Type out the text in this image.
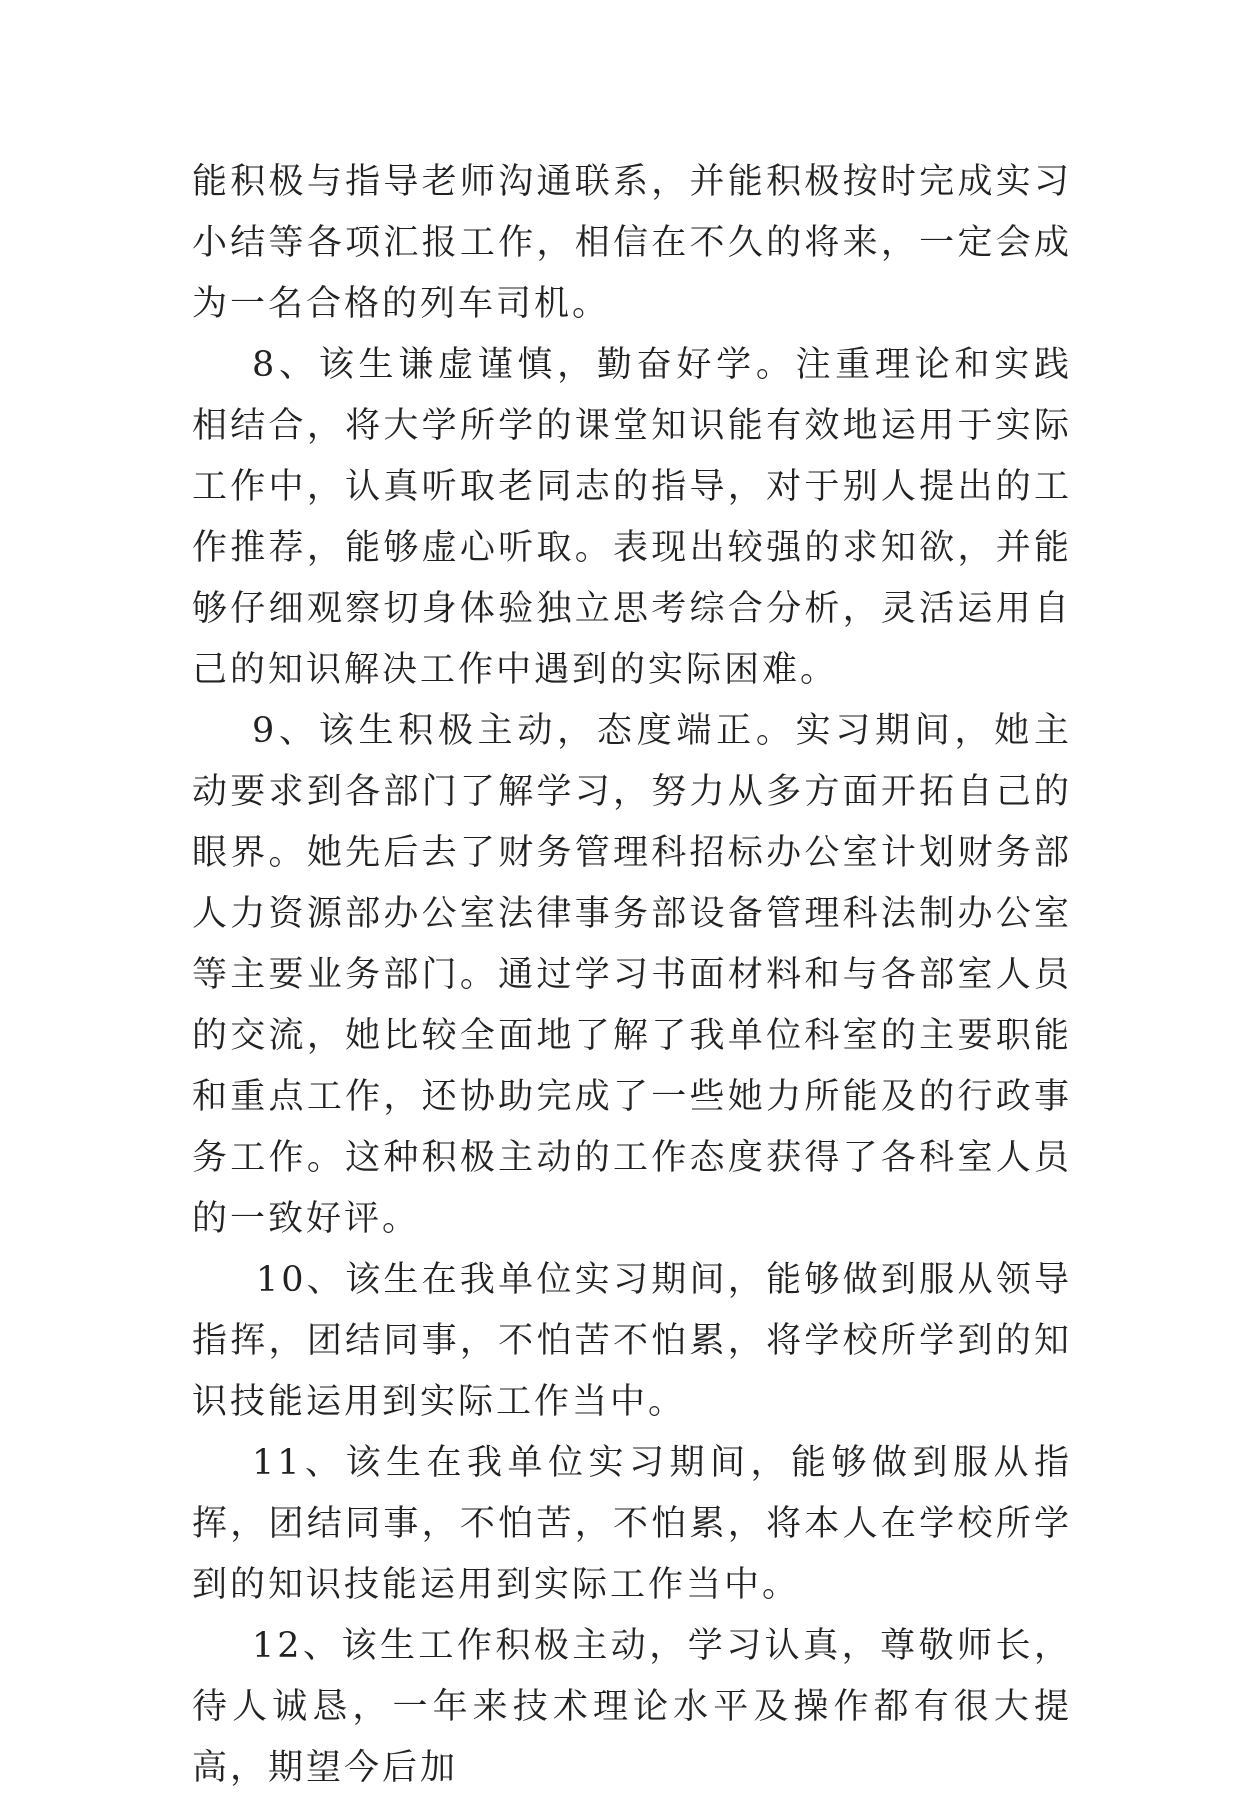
能积极与指导老师沟通联系，并能积极按时完成实习小结等各项汇报工作，相信在不久的将来，一定会成为一名合格的列车司机。

8、该生谦虚谨慎，勤奋好学。注重理论和实践相结合，将大学所学的课堂知识能有效地运用于实际工作中，认真听取老同志的指导，对于别人提出的工作推荐，能够虚心听取。表现出较强的求知欲，并能够仔细观察切身体验独立思考综合分析，灵活运用自己的知识解决工作中遇到的实际困难。

9、该生积极主动，态度端正。实习期间，她主动要求到各部门了解学习，努力从多方面开拓自己的眼界。她先后去了财务管理科招标办公室计划财务部人力资源部办公室法律事务部设备管理科法制办公室等主要业务部门。通过学习书面材料和与各部室人员的交流，她比较全面地了解了我单位科室的主要职能和重点工作，还协助完成了一些她力所能及的行政事务工作。这种积极主动的工作态度获得了各科室人员的一致好评。

10、该生在我单位实习期间，能够做到服从领导指挥，团结同事，不怕苦不怕累，将学校所学到的知识技能运用到实际工作当中。

11、该生在我单位实习期间，能够做到服从指挥，团结同事，不怕苦，不怕累，将本人在学校所学到的知识技能运用到实际工作当中。

12、该生工作积极主动，学习认真，尊敬师长，待人诚恳，一年来技术理论水平及操作都有很大提高，期望今后加
